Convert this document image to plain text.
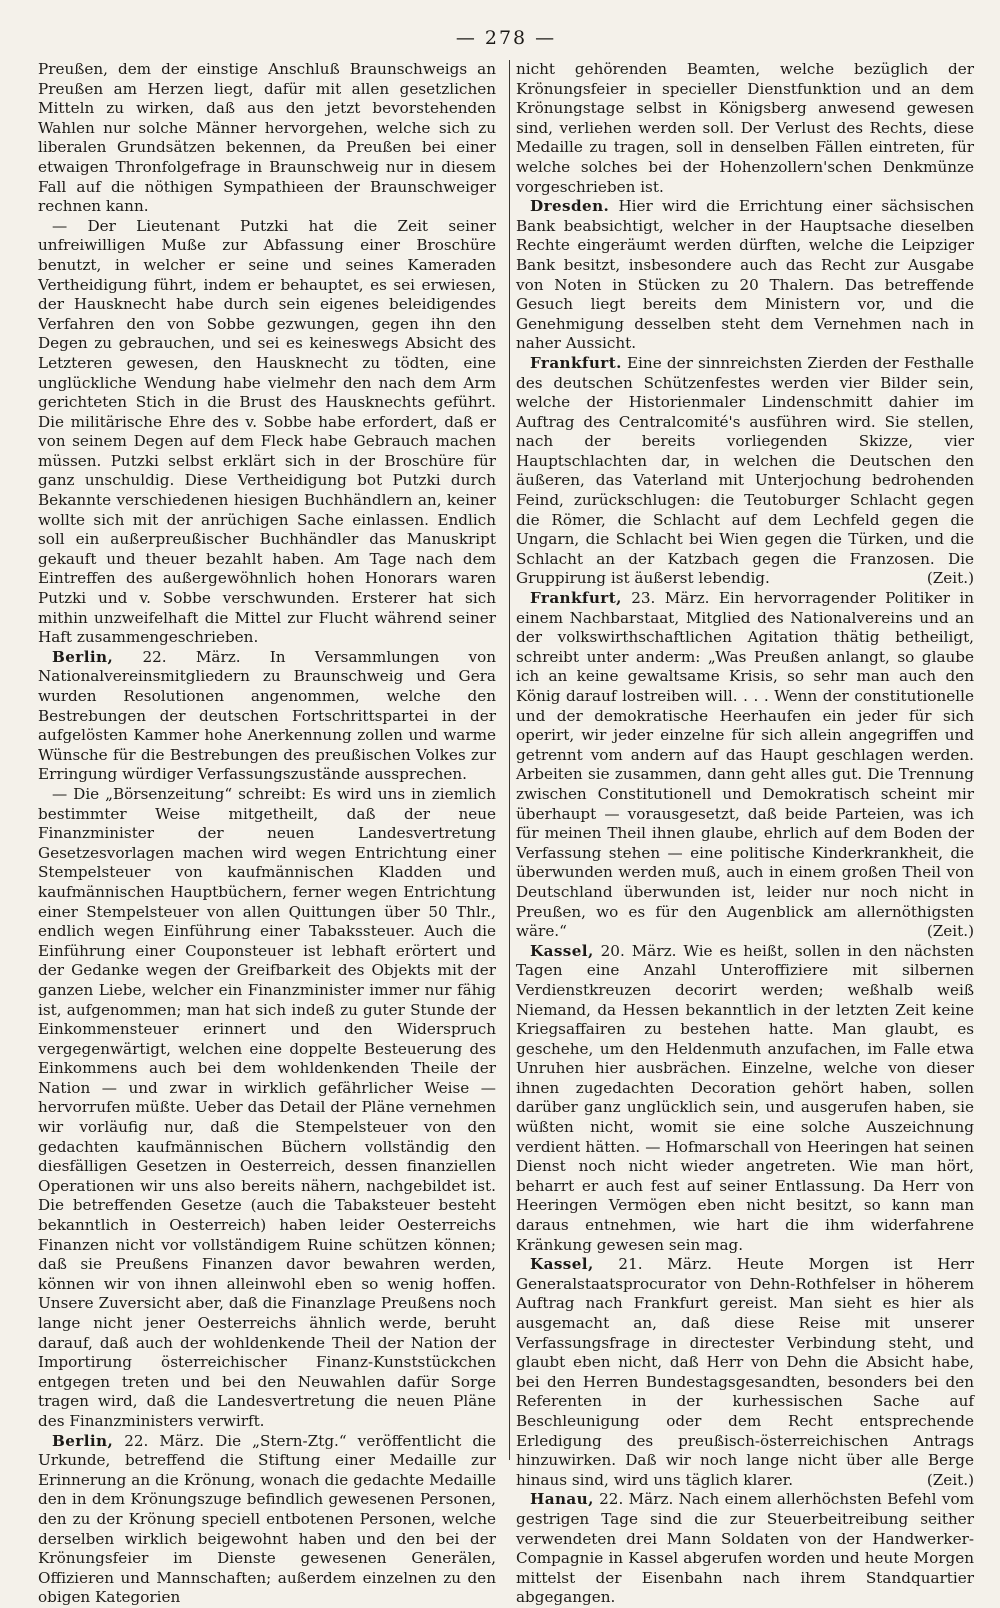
— 278 —

Preußen, dem der einstige Anschluß Braunschweigs an Preußen am Herzen liegt, dafür mit allen gesetzlichen Mitteln zu wirken, daß aus den jetzt bevorstehenden Wahlen nur solche Männer hervorgehen, welche sich zu liberalen Grundsätzen bekennen, da Preußen bei einer etwaigen Thronfolgefrage in Braunschweig nur in diesem Fall auf die nöthigen Sympathieen der Braunschweiger rechnen kann.

— Der Lieutenant Putzki hat die Zeit seiner unfreiwilligen Muße zur Abfassung einer Broschüre benutzt, in welcher er seine und seines Kameraden Vertheidigung führt, indem er behauptet, es sei erwiesen, der Hausknecht habe durch sein eigenes beleidigendes Verfahren den von Sobbe gezwungen, gegen ihn den Degen zu gebrauchen, und sei es keineswegs Absicht des Letzteren gewesen, den Hausknecht zu tödten, eine unglückliche Wendung habe vielmehr den nach dem Arm gerichteten Stich in die Brust des Hausknechts geführt. Die militärische Ehre des v. Sobbe habe erfordert, daß er von seinem Degen auf dem Fleck habe Gebrauch machen müssen. Putzki selbst erklärt sich in der Broschüre für ganz unschuldig. Diese Vertheidigung bot Putzki durch Bekannte verschiedenen hiesigen Buchhändlern an, keiner wollte sich mit der anrüchigen Sache einlassen. Endlich soll ein außerpreußischer Buchhändler das Manuskript gekauft und theuer bezahlt haben. Am Tage nach dem Eintreffen des außergewöhnlich hohen Honorars waren Putzki und v. Sobbe verschwunden. Ersterer hat sich mithin unzweifelhaft die Mittel zur Flucht während seiner Haft zusammengeschrieben.

Berlin, 22. März. In Versammlungen von Nationalvereinsmitgliedern zu Braunschweig und Gera wurden Resolutionen angenommen, welche den Bestrebungen der deutschen Fortschrittspartei in der aufgelösten Kammer hohe Anerkennung zollen und warme Wünsche für die Bestrebungen des preußischen Volkes zur Erringung würdiger Verfassungszustände aussprechen.

— Die „Börsenzeitung“ schreibt: Es wird uns in ziemlich bestimmter Weise mitgetheilt, daß der neue Finanzminister der neuen Landesvertretung Gesetzesvorlagen machen wird wegen Entrichtung einer Stempelsteuer von kaufmännischen Kladden und kaufmännischen Hauptbüchern, ferner wegen Entrichtung einer Stempelsteuer von allen Quittungen über 50 Thlr., endlich wegen Einführung einer Tabakssteuer. Auch die Einführung einer Couponsteuer ist lebhaft erörtert und der Gedanke wegen der Greifbarkeit des Objekts mit der ganzen Liebe, welcher ein Finanzminister immer nur fähig ist, aufgenommen; man hat sich indeß zu guter Stunde der Einkommensteuer erinnert und den Widerspruch vergegenwärtigt, welchen eine doppelte Besteuerung des Einkommens auch bei dem wohldenkenden Theile der Nation — und zwar in wirklich gefährlicher Weise — hervorrufen müßte. Ueber das Detail der Pläne vernehmen wir vorläufig nur, daß die Stempelsteuer von den gedachten kaufmännischen Büchern vollständig den diesfälligen Gesetzen in Oesterreich, dessen finanziellen Operationen wir uns also bereits nähern, nachgebildet ist. Die betreffenden Gesetze (auch die Tabaksteuer besteht bekanntlich in Oesterreich) haben leider Oesterreichs Finanzen nicht vor vollständigem Ruine schützen können; daß sie Preußens Finanzen davor bewahren werden, können wir von ihnen alleinwohl eben so wenig hoffen. Unsere Zuversicht aber, daß die Finanzlage Preußens noch lange nicht jener Oesterreichs ähnlich werde, beruht darauf, daß auch der wohldenkende Theil der Nation der Importirung österreichischer Finanz-Kunststückchen entgegen treten und bei den Neuwahlen dafür Sorge tragen wird, daß die Landesvertretung die neuen Pläne des Finanzministers verwirft.

Berlin, 22. März. Die „Stern-Ztg.“ veröffentlicht die Urkunde, betreffend die Stiftung einer Medaille zur Erinnerung an die Krönung, wonach die gedachte Medaille den in dem Krönungszuge befindlich gewesenen Personen, den zu der Krönung speciell entbotenen Personen, welche derselben wirklich beigewohnt haben und den bei der Krönungsfeier im Dienste gewesenen Generälen, Offizieren und Mannschaften; außerdem einzelnen zu den obigen Kategorien

nicht gehörenden Beamten, welche bezüglich der Krönungsfeier in specieller Dienstfunktion und an dem Krönungstage selbst in Königsberg anwesend gewesen sind, verliehen werden soll. Der Verlust des Rechts, diese Medaille zu tragen, soll in denselben Fällen eintreten, für welche solches bei der Hohenzollern'schen Denkmünze vorgeschrieben ist.

Dresden. Hier wird die Errichtung einer sächsischen Bank beabsichtigt, welcher in der Hauptsache dieselben Rechte eingeräumt werden dürften, welche die Leipziger Bank besitzt, insbesondere auch das Recht zur Ausgabe von Noten in Stücken zu 20 Thalern. Das betreffende Gesuch liegt bereits dem Ministern vor, und die Genehmigung desselben steht dem Vernehmen nach in naher Aussicht.

Frankfurt. Eine der sinnreichsten Zierden der Festhalle des deutschen Schützenfestes werden vier Bilder sein, welche der Historienmaler Lindenschmitt dahier im Auftrag des Centralcomité's ausführen wird. Sie stellen, nach der bereits vorliegenden Skizze, vier Hauptschlachten dar, in welchen die Deutschen den äußeren, das Vaterland mit Unterjochung bedrohenden Feind, zurückschlugen: die Teutoburger Schlacht gegen die Römer, die Schlacht auf dem Lechfeld gegen die Ungarn, die Schlacht bei Wien gegen die Türken, und die Schlacht an der Katzbach gegen die Franzosen. Die Gruppirung ist äußerst lebendig.	(Zeit.)

Frankfurt, 23. März. Ein hervorragender Politiker in einem Nachbarstaat, Mitglied des Nationalvereins und an der volkswirthschaftlichen Agitation thätig betheiligt, schreibt unter anderm: „Was Preußen anlangt, so glaube ich an keine gewaltsame Krisis, so sehr man auch den König darauf lostreiben will. . . . Wenn der constitutionelle und der demokratische Heerhaufen ein jeder für sich operirt, wir jeder einzelne für sich allein angegriffen und getrennt vom andern auf das Haupt geschlagen werden. Arbeiten sie zusammen, dann geht alles gut. Die Trennung zwischen Constitutionell und Demokratisch scheint mir überhaupt — vorausgesetzt, daß beide Parteien, was ich für meinen Theil ihnen glaube, ehrlich auf dem Boden der Verfassung stehen — eine politische Kinderkrankheit, die überwunden werden muß, auch in einem großen Theil von Deutschland überwunden ist, leider nur noch nicht in Preußen, wo es für den Augenblick am allernöthigsten wäre.“	(Zeit.)

Kassel, 20. März. Wie es heißt, sollen in den nächsten Tagen eine Anzahl Unteroffiziere mit silbernen Verdienstkreuzen decorirt werden; weßhalb weiß Niemand, da Hessen bekanntlich in der letzten Zeit keine Kriegsaffairen zu bestehen hatte. Man glaubt, es geschehe, um den Heldenmuth anzufachen, im Falle etwa Unruhen hier ausbrächen. Einzelne, welche von dieser ihnen zugedachten Decoration gehört haben, sollen darüber ganz unglücklich sein, und ausgerufen haben, sie wüßten nicht, womit sie eine solche Auszeichnung verdient hätten. — Hofmarschall von Heeringen hat seinen Dienst noch nicht wieder angetreten. Wie man hört, beharrt er auch fest auf seiner Entlassung. Da Herr von Heeringen Vermögen eben nicht besitzt, so kann man daraus entnehmen, wie hart die ihm widerfahrene Kränkung gewesen sein mag.

Kassel, 21. März. Heute Morgen ist Herr Generalstaatsprocurator von Dehn-Rothfelser in höherem Auftrag nach Frankfurt gereist. Man sieht es hier als ausgemacht an, daß diese Reise mit unserer Verfassungsfrage in directester Verbindung steht, und glaubt eben nicht, daß Herr von Dehn die Absicht habe, bei den Herren Bundestagsgesandten, besonders bei den Referenten in der kurhessischen Sache auf Beschleunigung oder dem Recht entsprechende Erledigung des preußisch-österreichischen Antrags hinzuwirken. Daß wir noch lange nicht über alle Berge hinaus sind, wird uns täglich klarer.	(Zeit.)

Hanau, 22. März. Nach einem allerhöchsten Befehl vom gestrigen Tage sind die zur Steuerbeitreibung seither verwendeten drei Mann Soldaten von der Handwerker-Compagnie in Kassel abgerufen worden und heute Morgen mittelst der Eisenbahn nach ihrem Standquartier abgegangen.
